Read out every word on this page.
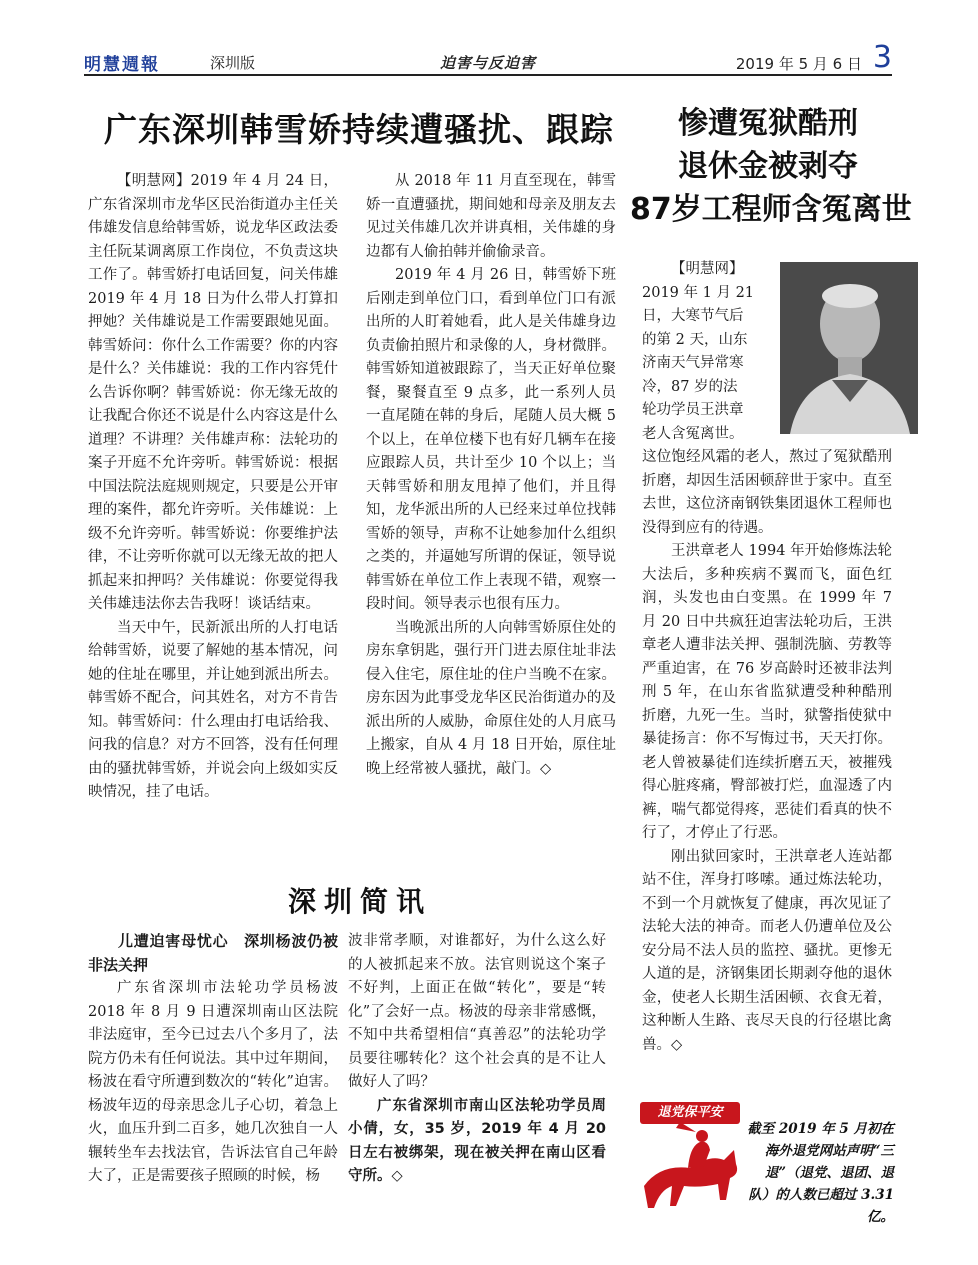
明慧週報	深圳版	迫害与反迫害	2019 年 5 月 6 日 3
广东深圳韩雪娇持续遭骚扰、跟踪

【明慧网】2019 年 4 月 24 日，广东省深圳市龙华区民治街道办主任关伟雄发信息给韩雪娇，说龙华区政法委主任阮某调离原工作岗位，不负责这块工作了。韩雪娇打电话回复，问关伟雄 2019 年 4 月 18 日为什么带人打算扣押她？关伟雄说是工作需要跟她见面。韩雪娇问：你什么工作需要？你的内容是什么？关伟雄说：我的工作内容凭什么告诉你啊？韩雪娇说：你无缘无故的让我配合你还不说是什么内容这是什么道理？不讲理？关伟雄声称：法轮功的案子开庭不允许旁听。韩雪娇说：根据中国法院法庭规则规定，只要是公开审理的案件，都允许旁听。关伟雄说：上级不允许旁听。韩雪娇说：你要维护法律，不让旁听你就可以无缘无故的把人抓起来扣押吗？关伟雄说：你要觉得我关伟雄违法你去告我呀！谈话结束。

当天中午，民新派出所的人打电话给韩雪娇，说要了解她的基本情况，问她的住址在哪里，并让她到派出所去。韩雪娇不配合，问其姓名，对方不肯告知。韩雪娇问：什么理由打电话给我、问我的信息？对方不回答，没有任何理由的骚扰韩雪娇，并说会向上级如实反映情况，挂了电话。

从 2018 年 11 月直至现在，韩雪娇一直遭骚扰，期间她和母亲及朋友去见过关伟雄几次并讲真相，关伟雄的身边都有人偷拍韩并偷偷录音。

2019 年 4 月 26 日，韩雪娇下班后刚走到单位门口，看到单位门口有派出所的人盯着她看，此人是关伟雄身边负责偷拍照片和录像的人，身材微胖。韩雪娇知道被跟踪了，当天正好单位聚餐，聚餐直至 9 点多，此一系列人员一直尾随在韩的身后，尾随人员大概 5 个以上，在单位楼下也有好几辆车在接应跟踪人员，共计至少 10 个以上；当天韩雪娇和朋友甩掉了他们，并且得知，龙华派出所的人已经来过单位找韩雪娇的领导，声称不让她参加什么组织之类的，并逼她写所谓的保证，领导说韩雪娇在单位工作上表现不错，观察一段时间。领导表示也很有压力。

当晚派出所的人向韩雪娇原住处的房东拿钥匙，强行开门进去原住址非法侵入住宅，原住址的住户当晚不在家。房东因为此事受龙华区民治街道办的及派出所的人威胁，命原住处的人月底马上搬家，自从 4 月 18 日开始，原住址晚上经常被人骚扰，敲门。◇

深圳简讯
儿遭迫害母忧心　深圳杨波仍被非法关押

广东省深圳市法轮功学员杨波 2018 年 8 月 9 日遭深圳南山区法院非法庭审，至今已过去八个多月了，法院方仍未有任何说法。其中过年期间，杨波在看守所遭到数次的“转化”迫害。杨波年迈的母亲思念儿子心切，着急上火，血压升到二百多，她几次独自一人辗转坐车去找法官，告诉法官自己年龄大了，正是需要孩子照顾的时候，杨

波非常孝顺，对谁都好，为什么这么好的人被抓起来不放。法官则说这个案子不好判，上面正在做“转化”，要是“转化”了会好一点。杨波的母亲非常感慨，不知中共希望相信“真善忍”的法轮功学员要往哪转化？这个社会真的是不让人做好人了吗？

广东省深圳市南山区法轮功学员周小倩，女，35 岁，2019 年 4 月 20 日左右被绑架，现在被关押在南山区看守所。◇

惨遭冤狱酷刑
退休金被剥夺
87岁工程师含冤离世
【明慧网】
2019 年 1 月 21
日，大寒节气后
的第 2 天，山东
济南天气异常寒
冷，87 岁的法
轮功学员王洪章
老人含冤离世。

这位饱经风霜的老人，熬过了冤狱酷刑折磨，却因生活困顿辞世于家中。直至去世，这位济南钢铁集团退休工程师也没得到应有的待遇。

王洪章老人 1994 年开始修炼法轮大法后，多种疾病不翼而飞，面色红润，头发也由白变黑。在 1999 年 7 月 20 日中共疯狂迫害法轮功后，王洪章老人遭非法关押、强制洗脑、劳教等严重迫害，在 76 岁高龄时还被非法判刑 5 年，在山东省监狱遭受种种酷刑折磨，九死一生。当时，狱警指使狱中暴徒扬言：你不写悔过书，天天打你。老人曾被暴徒们连续折磨五天，被摧残得心脏疼痛，臀部被打烂，血湿透了内裤，喘气都觉得疼，恶徒们看真的快不行了，才停止了行恶。

刚出狱回家时，王洪章老人连站都站不住，浑身打哆嗦。通过炼法轮功，不到一个月就恢复了健康，再次见证了法轮大法的神奇。而老人仍遭单位及公安分局不法人员的监控、骚扰。更惨无人道的是，济钢集团长期剥夺他的退休金，使老人长期生活困顿、衣食无着，这种断人生路、丧尽天良的行径堪比禽兽。◇

退党保平安
截至 2019 年 5 月初在海外退党网站声明“三退”（退党、退团、退队）的人数已超过 3.31 亿。
